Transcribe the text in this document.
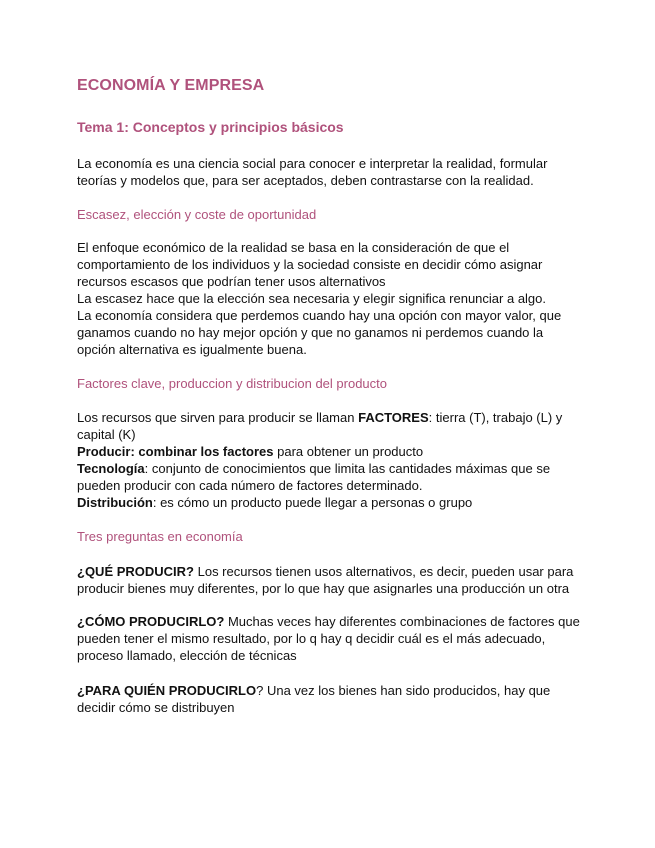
ECONOMÍA Y EMPRESA
Tema 1: Conceptos y principios básicos

La economía es una ciencia social para conocer e interpretar la realidad, formular teorías y modelos que, para ser aceptados, deben contrastarse con la realidad.

Escasez, elección y coste de oportunidad

El enfoque económico de la realidad se basa en la consideración de que el comportamiento de los individuos y la sociedad consiste en decidir cómo asignar recursos escasos que podrían tener usos alternativos

La escasez hace que la elección sea necesaria y elegir significa renunciar a algo.

La economía considera que perdemos cuando hay una opción con mayor valor, que ganamos cuando no hay mejor opción y que no ganamos ni perdemos cuando la opción alternativa es igualmente buena.

Factores clave, produccion y distribucion del producto

Los recursos que sirven para producir se llaman FACTORES: tierra (T), trabajo (L) y capital (K)

Producir: combinar los factores para obtener un producto

Tecnología: conjunto de conocimientos que limita las cantidades máximas que se pueden producir con cada número de factores determinado.

Distribución: es cómo un producto puede llegar a personas o grupo

Tres preguntas en economía

¿QUÉ PRODUCIR? Los recursos tienen usos alternativos, es decir, pueden usar para producir bienes muy diferentes, por lo que hay que asignarles una producción un otra

¿CÓMO PRODUCIRLO? Muchas veces hay diferentes combinaciones de factores que pueden tener el mismo resultado, por lo q hay q decidir cuál es el más adecuado, proceso llamado, elección de técnicas

¿PARA QUIÉN PRODUCIRLO? Una vez los bienes han sido producidos, hay que decidir cómo se distribuyen
